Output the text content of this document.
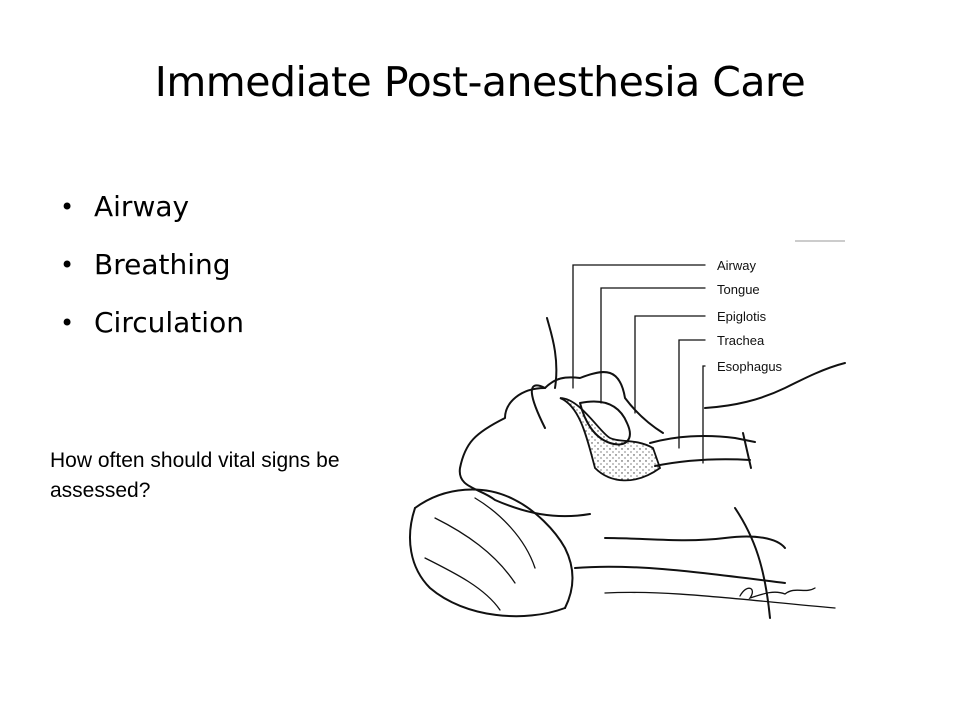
Immediate Post-anesthesia Care
• Airway
• Breathing
• Circulation
How often should vital signs be assessed?
Airway
Tongue
Epiglotis
Trachea
Esophagus
